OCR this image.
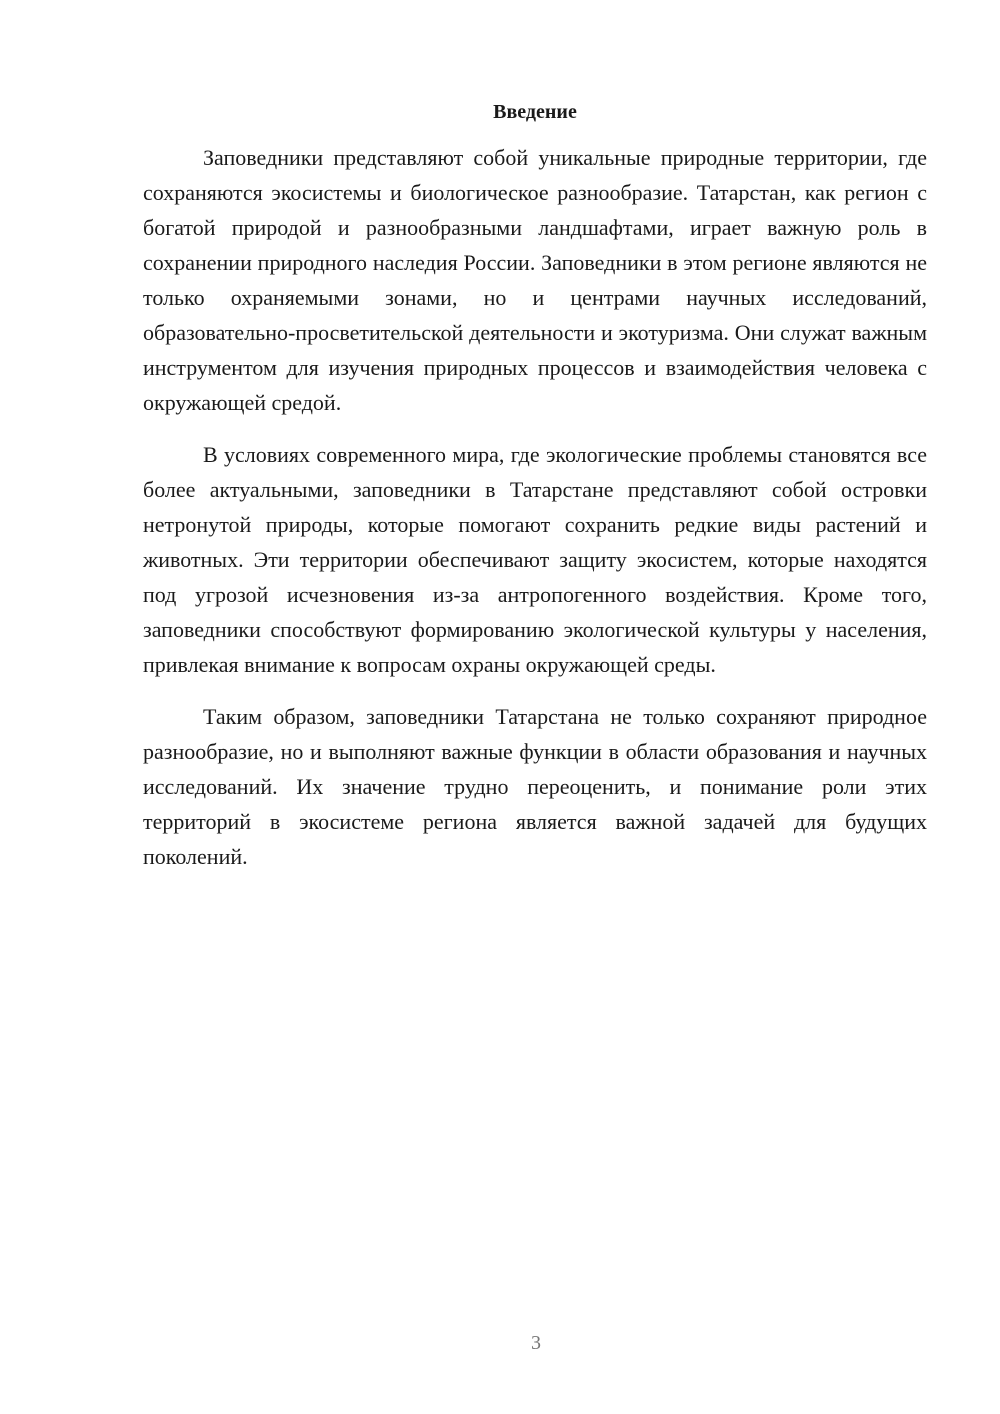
Введение

Заповедники представляют собой уникальные природные территории, где сохраняются экосистемы и биологическое разнообразие. Татарстан, как регион с богатой природой и разнообразными ландшафтами, играет важную роль в сохранении природного наследия России. Заповедники в этом регионе являются не только охраняемыми зонами, но и центрами научных исследований, образовательно-просветительской деятельности и экотуризма. Они служат важным инструментом для изучения природных процессов и взаимодействия человека с окружающей средой.

В условиях современного мира, где экологические проблемы становятся все более актуальными, заповедники в Татарстане представляют собой островки нетронутой природы, которые помогают сохранить редкие виды растений и животных. Эти территории обеспечивают защиту экосистем, которые находятся под угрозой исчезновения из-за антропогенного воздействия. Кроме того, заповедники способствуют формированию экологической культуры у населения, привлекая внимание к вопросам охраны окружающей среды.

Таким образом, заповедники Татарстана не только сохраняют природное разнообразие, но и выполняют важные функции в области образования и научных исследований. Их значение трудно переоценить, и понимание роли этих территорий в экосистеме региона является важной задачей для будущих поколений.

3
